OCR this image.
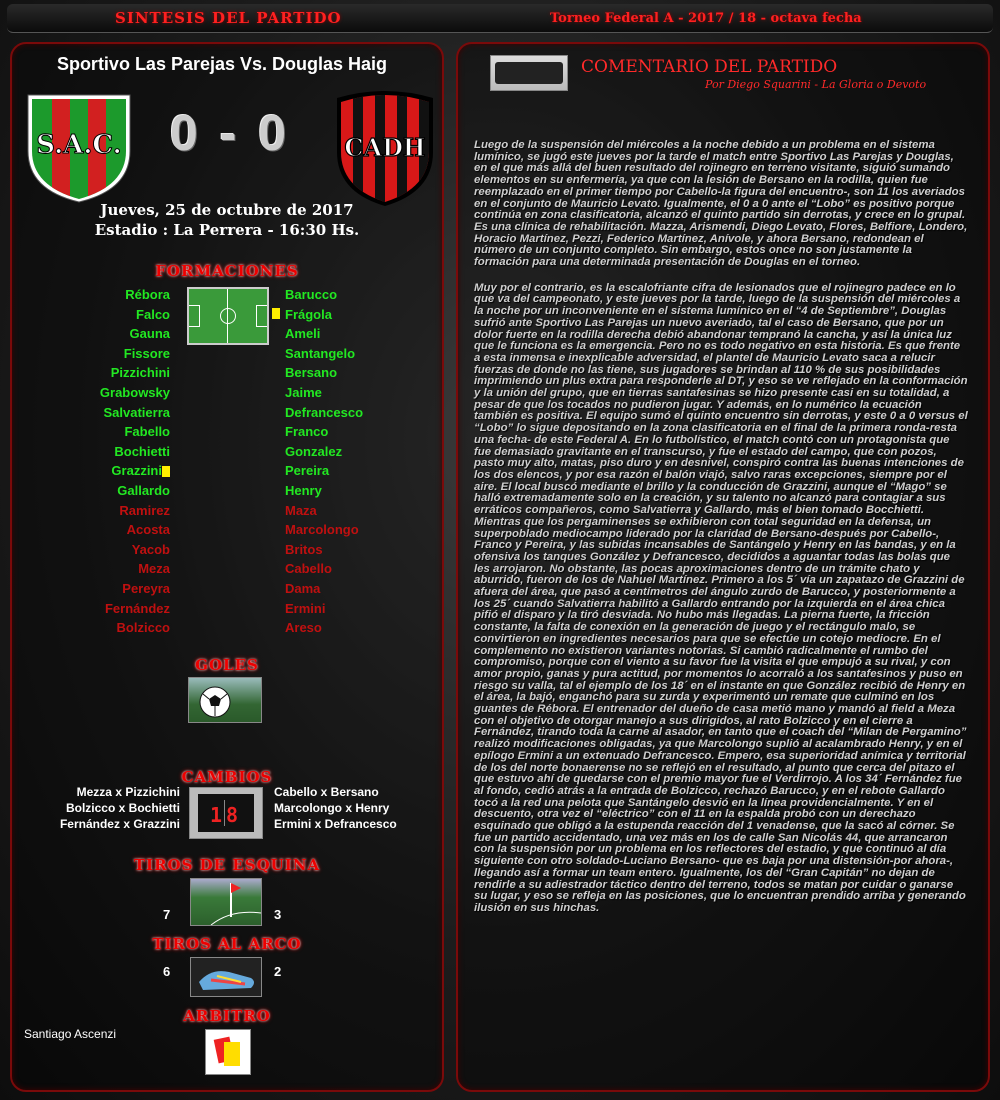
SINTESIS DEL PARTIDO	Torneo Federal A - 2017 / 18 - octava fecha
Sportivo Las Parejas Vs. Douglas Haig
S.A.C. 0 - 0 CADH
Jueves, 25 de octubre de 2017
Estadio : La Perrera - 16:30 Hs.
FORMACIONES
Rébora
Falco
Gauna
Fissore
Pizzichini
Grabowsky
Salvatierra
Fabello
Bochietti
Grazzini
Gallardo
Ramirez
Acosta
Yacob
Meza
Pereyra
Fernández
Bolzicco
Barucco
Frágola
Ameli
Santangelo
Bersano
Jaime
Defrancesco
Franco
Gonzalez
Pereira
Henry
Maza
Marcolongo
Britos
Cabello
Dama
Ermini
Areso
GOLES
CAMBIOS
Mezza x Pizzichini
Bolzicco x Bochietti
Fernández x Grazzini 1 8
Cabello x Bersano
Marcolongo x Henry
Ermini x Defrancesco
TIROS DE ESQUINA
7	3
TIROS AL ARCO
6	2
ARBITRO
Santiago Ascenzi
COMENTARIO DEL PARTIDO
Por Diego Squarini - La Gloria o Devoto
Luego de la suspensión del miércoles a la noche debido a un problema en el sistema lumínico, se jugó este jueves por la tarde el match entre Sportivo Las Parejas y Douglas, en el que más allá del buen resultado del rojinegro en terreno visitante, siguió sumando elementos en su enfermería, ya que con la lesión de Bersano en la rodilla, quien fue reemplazado en el primer tiempo por Cabello-la figura del encuentro-, son 11 los averiados en el conjunto de Mauricio Levato. Igualmente, el 0 a 0 ante el “Lobo” es positivo porque continúa en zona clasificatoria, alcanzó el quinto partido sin derrotas, y crece en lo grupal. Es una clínica de rehabilitación. Mazza, Arismendi, Diego Levato, Flores, Belfiore, Londero, Horacio Martínez, Pezzi, Federico Martínez, Anívole, y ahora Bersano, redondean el número de un conjunto completo. Sin embargo, estos once no son justamente la formación para una determinada presentación de Douglas en el torneo.
Muy por el contrario, es la escalofriante cifra de lesionados que el rojinegro padece en lo que va del campeonato, y este jueves por la tarde, luego de la suspensión del miércoles a la noche por un inconveniente en el sistema lumínico en el “4 de Septiembre”, Douglas sufrió ante Sportivo Las Parejas un nuevo averiado, tal el caso de Bersano, que por un dolor fuerte en la rodilla derecha debió abandonar tempranó la cancha, y así la única luz que le funciona es la emergencia. Pero no es todo negativo en esta historia. Es que frente a esta inmensa e inexplicable adversidad, el plantel de Mauricio Levato saca a relucir fuerzas de donde no las tiene, sus jugadores se brindan al 110 % de sus posibilidades imprimiendo un plus extra para responderle al DT, y eso se ve reflejado en la conformación y la unión del grupo, que en tierras santafesinas se hizo presente casi en su totalidad, a pesar de que los tocados no pudieron jugar. Y además, en lo numérico la ecuación también es positiva. El equipo sumó el quinto encuentro sin derrotas, y este 0 a 0 versus el “Lobo” lo sigue depositando en la zona clasificatoria en el final de la primera ronda-resta una fecha- de este Federal A. En lo futbolístico, el match contó con un protagonista que fue demasiado gravitante en el transcurso, y fue el estado del campo, que con pozos, pasto muy alto, matas, piso duro y en desnivel, conspiró contra las buenas intenciones de los dos elencos, y por esa razón el balón viajó, salvo raras excepciones, siempre por el aire. El local buscó mediante el brillo y la conducción de Grazzini, aunque el “Mago” se halló extremadamente solo en la creación, y su talento no alcanzó para contagiar a sus erráticos compañeros, como Salvatierra y Gallardo, más el bien tomado Bocchietti. Mientras que los pergaminenses se exhibieron con total seguridad en la defensa, un superpoblado mediocampo liderado por la claridad de Bersano-después por Cabello-, Franco y Pereira, y las subidas incansables de Santángelo y Henry en las bandas, y en la ofensiva los tanques González y Defrancesco, decididos a aguantar todas las bolas que les arrojaron. No obstante, las pocas aproximaciones dentro de un trámite chato y aburrido, fueron de los de Nahuel Martínez. Primero a los 5´ vía un zapatazo de Grazzini de afuera del área, que pasó a centímetros del ángulo zurdo de Barucco, y posteriormente a los 25´ cuando Salvatierra habilitó a Gallardo entrando por la izquierda en el área chica pifió el disparo y la tiró desviada. No hubo más llegadas. La pierna fuerte, la fricción constante, la falta de conexión en la generación de juego y el rectángulo malo, se convirtieron en ingredientes necesarios para que se efectúe un cotejo mediocre. En el complemento no existieron variantes notorias. Si cambió radicalmente el rumbo del compromiso, porque con el viento a su favor fue la visita el que empujó a su rival, y con amor propio, ganas y pura actitud, por momentos lo acorraló a los santafesinos y puso en riesgo su valla, tal el ejemplo de los 18´ en el instante en que González recibió de Henry en el área, la bajó, enganchó para su zurda y experimentó un remate que culminó en los guantes de Rébora. El entrenador del dueño de casa metió mano y mandó al field a Meza con el objetivo de otorgar manejo a sus dirigidos, al rato Bolzicco y en el cierre a Fernández, tirando toda la carne al asador, en tanto que el coach del “Milan de Pergamino” realizó modificaciones obligadas, ya que Marcolongo suplió al acalambrado Henry, y en el epílogo Ermini a un extenuado Defrancesco. Empero, esa superioridad anímica y territorial de los del norte bonaerense no se reflejó en el resultado, al punto que cerca del pitazo el que estuvo ahí de quedarse con el premio mayor fue el Verdirrojo. A los 34´ Fernández fue al fondo, cedió atrás a la entrada de Bolzicco, rechazó Barucco, y en el rebote Gallardo tocó a la red una pelota que Santángelo desvió en la línea providencialmente. Y en el descuento, otra vez el “eléctrico” con el 11 en la espalda probó con un derechazo esquinado que obligó a la estupenda reacción del 1 venadense, que la sacó al córner. Se fue un partido accidentado, una vez más en los de calle San Nicolás 44, que arrancaron con la suspensión por un problema en los reflectores del estadio, y que continuó al día siguiente con otro soldado-Luciano Bersano- que es baja por una distensión-por ahora-, llegando así a formar un team entero. Igualmente, los del “Gran Capitán” no dejan de rendirle a su adiestrador táctico dentro del terreno, todos se matan por cuidar o ganarse su lugar, y eso se refleja en las posiciones, que lo encuentran prendido arriba y generando ilusión en sus hinchas.
